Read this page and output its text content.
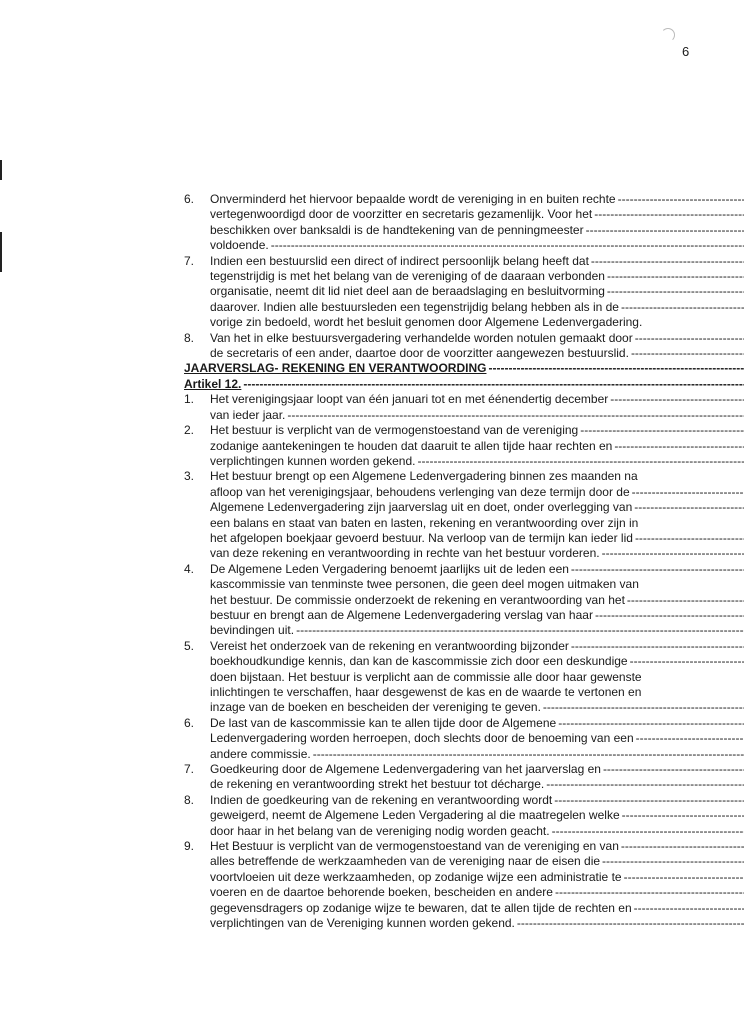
6
6.	Onverminderd het hiervoor bepaalde wordt de vereniging in en buiten rechte
-----
vertegenwoordigd door de voorzitter en secretaris gezamenlijk. Voor het
-----
beschikken over banksaldi is de handtekening van de penningmeester
-----
voldoende.
-----
7.	Indien een bestuurslid een direct of indirect persoonlijk belang heeft dat
-----
tegenstrijdig is met het belang van de vereniging of de daaraan verbonden
-----
organisatie, neemt dit lid niet deel aan de beraadslaging en besluitvorming
-----
daarover. Indien alle bestuursleden een tegenstrijdig belang hebben als in de
-----
vorige zin bedoeld, wordt het besluit genomen door Algemene Ledenvergadering.
8.	Van het in elke bestuursvergadering verhandelde worden notulen gemaakt door
-----
de secretaris of een ander, daartoe door de voorzitter aangewezen bestuurslid.
-----
JAARVERSLAG- REKENING EN VERANTWOORDING
-----
Artikel 12.
-----
1.	Het verenigingsjaar loopt van één januari tot en met éénendertig december
-----
van ieder jaar.
-----
2.	Het bestuur is verplicht van de vermogenstoestand van de vereniging
-----
zodanige aantekeningen te houden dat daaruit te allen tijde haar rechten en
-----
verplichtingen kunnen worden gekend.
-----
3.	Het bestuur brengt op een Algemene Ledenvergadering binnen zes maanden na
afloop van het verenigingsjaar, behoudens verlenging van deze termijn door de
-----
Algemene Ledenvergadering zijn jaarverslag uit en doet, onder overlegging van
-----
een balans en staat van baten en lasten, rekening en verantwoording over zijn in
het afgelopen boekjaar gevoerd bestuur. Na verloop van de termijn kan ieder lid
-----
van deze rekening en verantwoording in rechte van het bestuur vorderen.
-----
4.	De Algemene Leden Vergadering benoemt jaarlijks uit de leden een
-----
kascommissie van tenminste twee personen, die geen deel mogen uitmaken van
het bestuur. De commissie onderzoekt de rekening en verantwoording van het
-----
bestuur en brengt aan de Algemene Ledenvergadering verslag van haar
-----
bevindingen uit.
-----
5.	Vereist het onderzoek van de rekening en verantwoording bijzonder
-----
boekhoudkundige kennis, dan kan de kascommissie zich door een deskundige
-----
doen bijstaan. Het bestuur is verplicht aan de commissie alle door haar gewenste
inlichtingen te verschaffen, haar desgewenst de kas en de waarde te vertonen en
inzage van de boeken en bescheiden der vereniging te geven.
-----
6.	De last van de kascommissie kan te allen tijde door de Algemene
-----
Ledenvergadering worden herroepen, doch slechts door de benoeming van een
-----
andere commissie.
-----
7.	Goedkeuring door de Algemene Ledenvergadering van het jaarverslag en
-----
de rekening en verantwoording strekt het bestuur tot décharge.
-----
8.	Indien de goedkeuring van de rekening en verantwoording wordt
-----
geweigerd, neemt de Algemene Leden Vergadering al die maatregelen welke
-----
door haar in het belang van de vereniging nodig worden geacht.
-----
9.	Het Bestuur is verplicht van de vermogenstoestand van de vereniging en van
-----
alles betreffende de werkzaamheden van de vereniging naar de eisen die
-----
voortvloeien uit deze werkzaamheden, op zodanige wijze een administratie te
-----
voeren en de daartoe behorende boeken, bescheiden en andere
-----
gegevensdragers op zodanige wijze te bewaren, dat te allen tijde de rechten en
-----
verplichtingen van de Vereniging kunnen worden gekend.
-----
